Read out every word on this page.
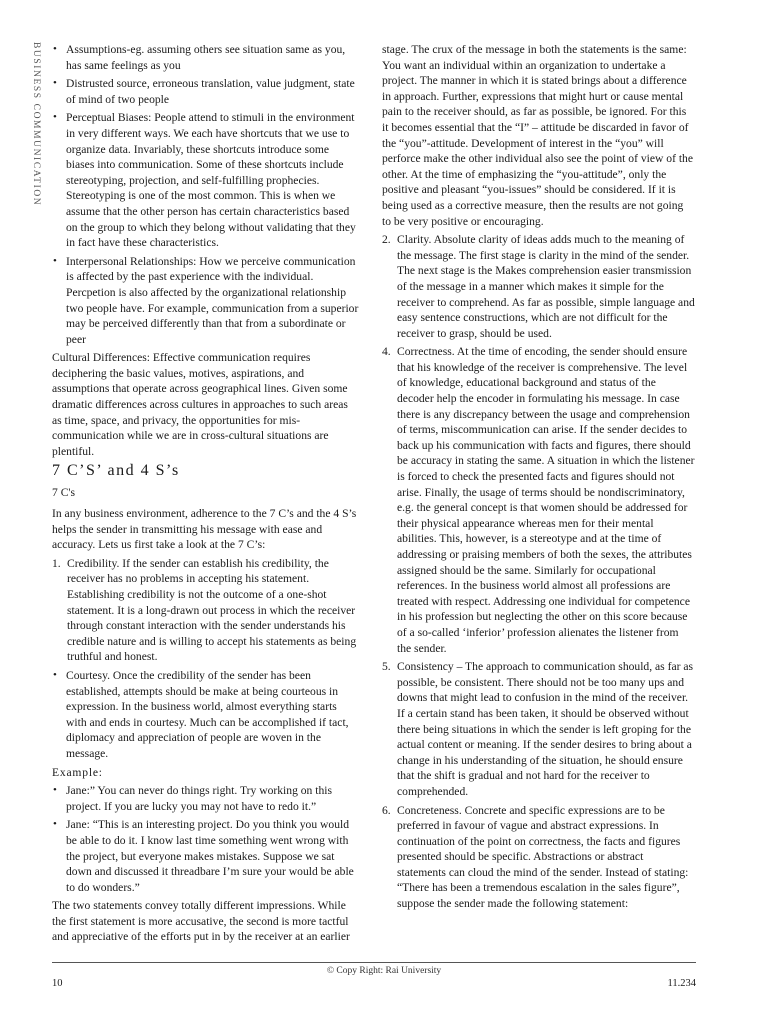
BUSINESS COMMUNICATION • Assumptions-eg. assuming others see situation same as you, has same feelings as you
• Distrusted source, erroneous translation, value judgment, state of mind of two people
• Perceptual Biases: People attend to stimuli in the environment in very different ways. We each have shortcuts that we use to organize data. Invariably, these shortcuts introduce some biases into communication. Some of these shortcuts include stereotyping, projection, and self-fulfilling prophecies. Stereotyping is one of the most common. This is when we assume that the other person has certain characteristics based on the group to which they belong without validating that they in fact have these characteristics.
• Interpersonal Relationships: How we perceive communication is affected by the past experience with the individual. Percpetion is also affected by the organizational relationship two people have. For example, communication from a superior may be perceived differently than that from a subordinate or peer

Cultural Differences: Effective communication requires deciphering the basic values, motives, aspirations, and assumptions that operate across geographical lines. Given some dramatic differences across cultures in approaches to such areas as time, space, and privacy, the opportunities for mis-communication while we are in cross-cultural situations are plentiful.

7 C’S’ and 4 S’s
7 C's

In any business environment, adherence to the 7 C’s and the 4 S’s helps the sender in transmitting his message with ease and accuracy. Lets us first take a look at the 7 C’s:

1. Credibility. If the sender can establish his credibility, the receiver has no problems in accepting his statement. Establishing credibility is not the outcome of a one-shot statement. It is a long-drawn out process in which the receiver through constant interaction with the sender understands his credible nature and is willing to accept his statements as being truthful and honest.
• Courtesy. Once the credibility of the sender has been established, attempts should be make at being courteous in expression. In the business world, almost everything starts with and ends in courtesy. Much can be accomplished if tact, diplomacy and appreciation of people are woven in the message.
Example:
• Jane:” You can never do things right. Try working on this project. If you are lucky you may not have to redo it.”
• Jane: “This is an interesting project. Do you think you would be able to do it. I know last time something went wrong with the project, but everyone makes mistakes. Suppose we sat down and discussed it threadbare I’m sure your would be able to do wonders.”

The two statements convey totally different impressions. While the first statement is more accusative, the second is more tactful and appreciative of the efforts put in by the receiver at an earlier

stage. The crux of the message in both the statements is the same: You want an individual within an organization to undertake a project. The manner in which it is stated brings about a difference in approach. Further, expressions that might hurt or cause mental pain to the receiver should, as far as possible, be ignored. For this it becomes essential that the “I” – attitude be discarded in favor of the “you”-attitude. Development of interest in the “you” will perforce make the other individual also see the point of view of the other. At the time of emphasizing the “you-attitude”, only the positive and pleasant “you-issues” should be considered. If it is being used as a corrective measure, then the results are not going to be very positive or encouraging.

2. Clarity. Absolute clarity of ideas adds much to the meaning of the message. The first stage is clarity in the mind of the sender. The next stage is the Makes comprehension easier transmission of the message in a manner which makes it simple for the receiver to comprehend. As far as possible, simple language and easy sentence constructions, which are not difficult for the receiver to grasp, should be used.
4. Correctness. At the time of encoding, the sender should ensure that his knowledge of the receiver is comprehensive. The level of knowledge, educational background and status of the decoder help the encoder in formulating his message. In case there is any discrepancy between the usage and comprehension of terms, miscommunication can arise. If the sender decides to back up his communication with facts and figures, there should be accuracy in stating the same. A situation in which the listener is forced to check the presented facts and figures should not arise. Finally, the usage of terms should be nondiscriminatory, e.g. the general concept is that women should be addressed for their physical appearance whereas men for their mental abilities. This, however, is a stereotype and at the time of addressing or praising members of both the sexes, the attributes assigned should be the same. Similarly for occupational references. In the business world almost all professions are treated with respect. Addressing one individual for competence in his profession but neglecting the other on this score because of a so-called ‘inferior’ profession alienates the listener from the sender.
5. Consistency – The approach to communication should, as far as possible, be consistent. There should not be too many ups and downs that might lead to confusion in the mind of the receiver. If a certain stand has been taken, it should be observed without there being situations in which the sender is left groping for the actual content or meaning. If the sender desires to bring about a change in his understanding of the situation, he should ensure that the shift is gradual and not hard for the receiver to comprehended.
6. Concreteness. Concrete and specific expressions are to be preferred in favour of vague and abstract expressions. In continuation of the point on correctness, the facts and figures presented should be specific. Abstractions or abstract statements can cloud the mind of the sender. Instead of stating: “There has been a tremendous escalation in the sales figure”, suppose the sender made the following statement:
© Copy Right: Rai University
10	11.234
